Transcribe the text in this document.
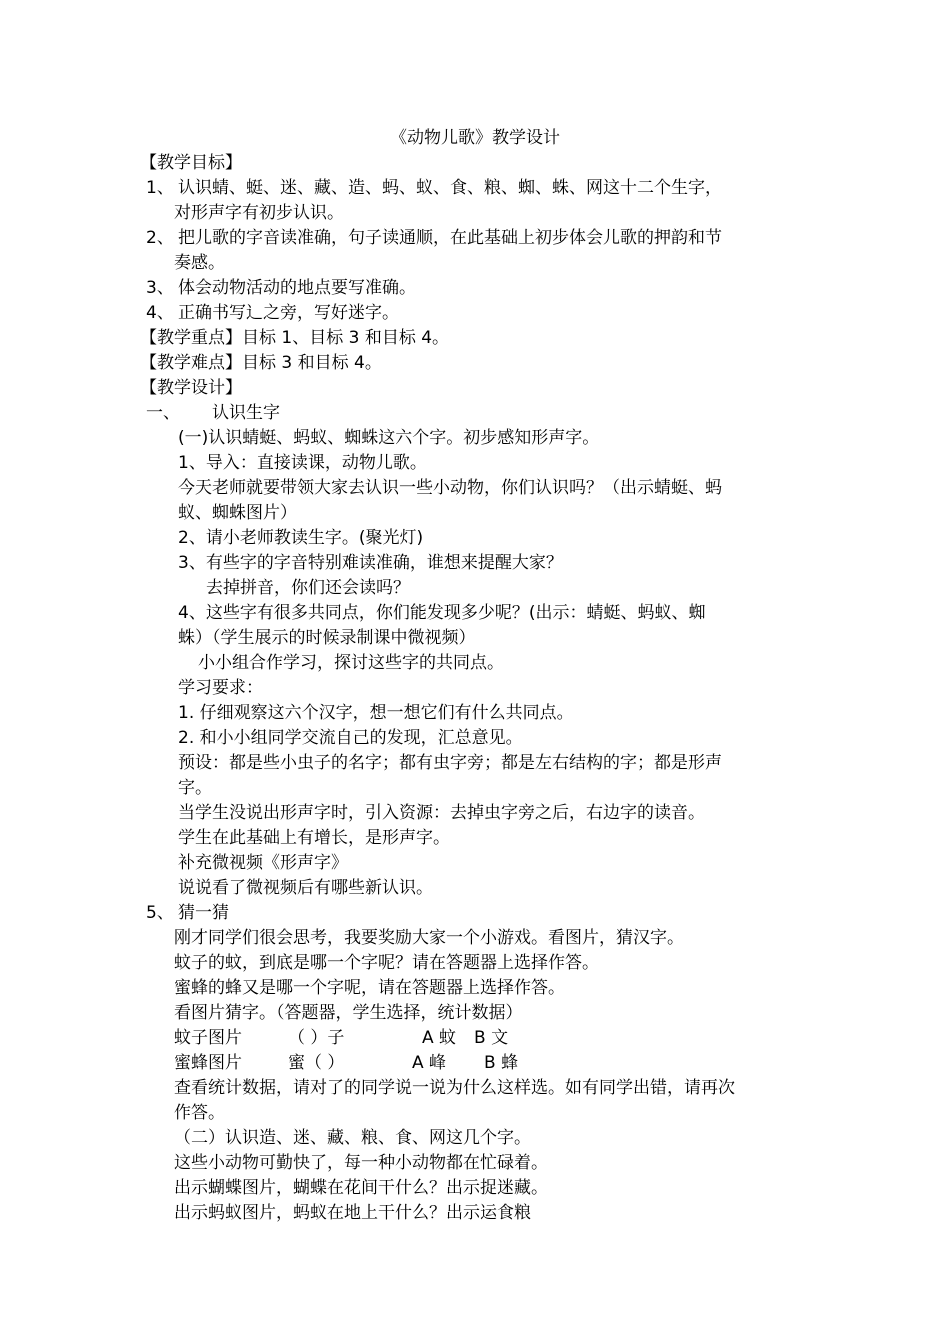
《动物儿歌》教学设计
【教学目标】
1、 认识蜻、蜓、迷、藏、造、蚂、蚁、食、粮、蜘、蛛、网这十二个生字，
对形声字有初步认识。
2、 把儿歌的字音读准确，句子读通顺，在此基础上初步体会儿歌的押韵和节
奏感。
3、 体会动物活动的地点要写准确。
4、 正确书写辶之旁，写好迷字。
【教学重点】目标 1、目标 3 和目标 4。
【教学难点】目标 3 和目标 4。
【教学设计】
一、 认识生字
(一)认识蜻蜓、蚂蚁、蜘蛛这六个字。初步感知形声字。
1、导入：直接读课，动物儿歌。
今天老师就要带领大家去认识一些小动物，你们认识吗？（出示蜻蜓、蚂
蚁、蜘蛛图片）
2、请小老师教读生字。(聚光灯)
3、有些字的字音特别难读准确，谁想来提醒大家？
去掉拼音，你们还会读吗？
4、这些字有很多共同点，你们能发现多少呢？(出示：蜻蜓、蚂蚁、蜘
蛛）（学生展示的时候录制课中微视频）
小小组合作学习，探讨这些字的共同点。
学习要求：
1. 仔细观察这六个汉字，想一想它们有什么共同点。
2. 和小小组同学交流自己的发现，汇总意见。
预设：都是些小虫子的名字；都有虫字旁；都是左右结构的字；都是形声
字。
当学生没说出形声字时，引入资源：去掉虫字旁之后，右边字的读音。
学生在此基础上有增长，是形声字。
补充微视频《形声字》
说说看了微视频后有哪些新认识。
5、 猜一猜
刚才同学们很会思考，我要奖励大家一个小游戏。看图片，猜汉字。
蚊子的蚊，到底是哪一个字呢？请在答题器上选择作答。
蜜蜂的蜂又是哪一个字呢，请在答题器上选择作答。
看图片猜字。（答题器，学生选择，统计数据）
蚊子图片	（ ）子	A 蚊 B 文
蜜蜂图片	蜜（ ）	A 峰 B 蜂
查看统计数据，请对了的同学说一说为什么这样选。如有同学出错，请再次
作答。
（二）认识造、迷、藏、粮、食、网这几个字。
这些小动物可勤快了，每一种小动物都在忙碌着。
出示蝴蝶图片，蝴蝶在花间干什么？出示捉迷藏。
出示蚂蚁图片，蚂蚁在地上干什么？出示运食粮
